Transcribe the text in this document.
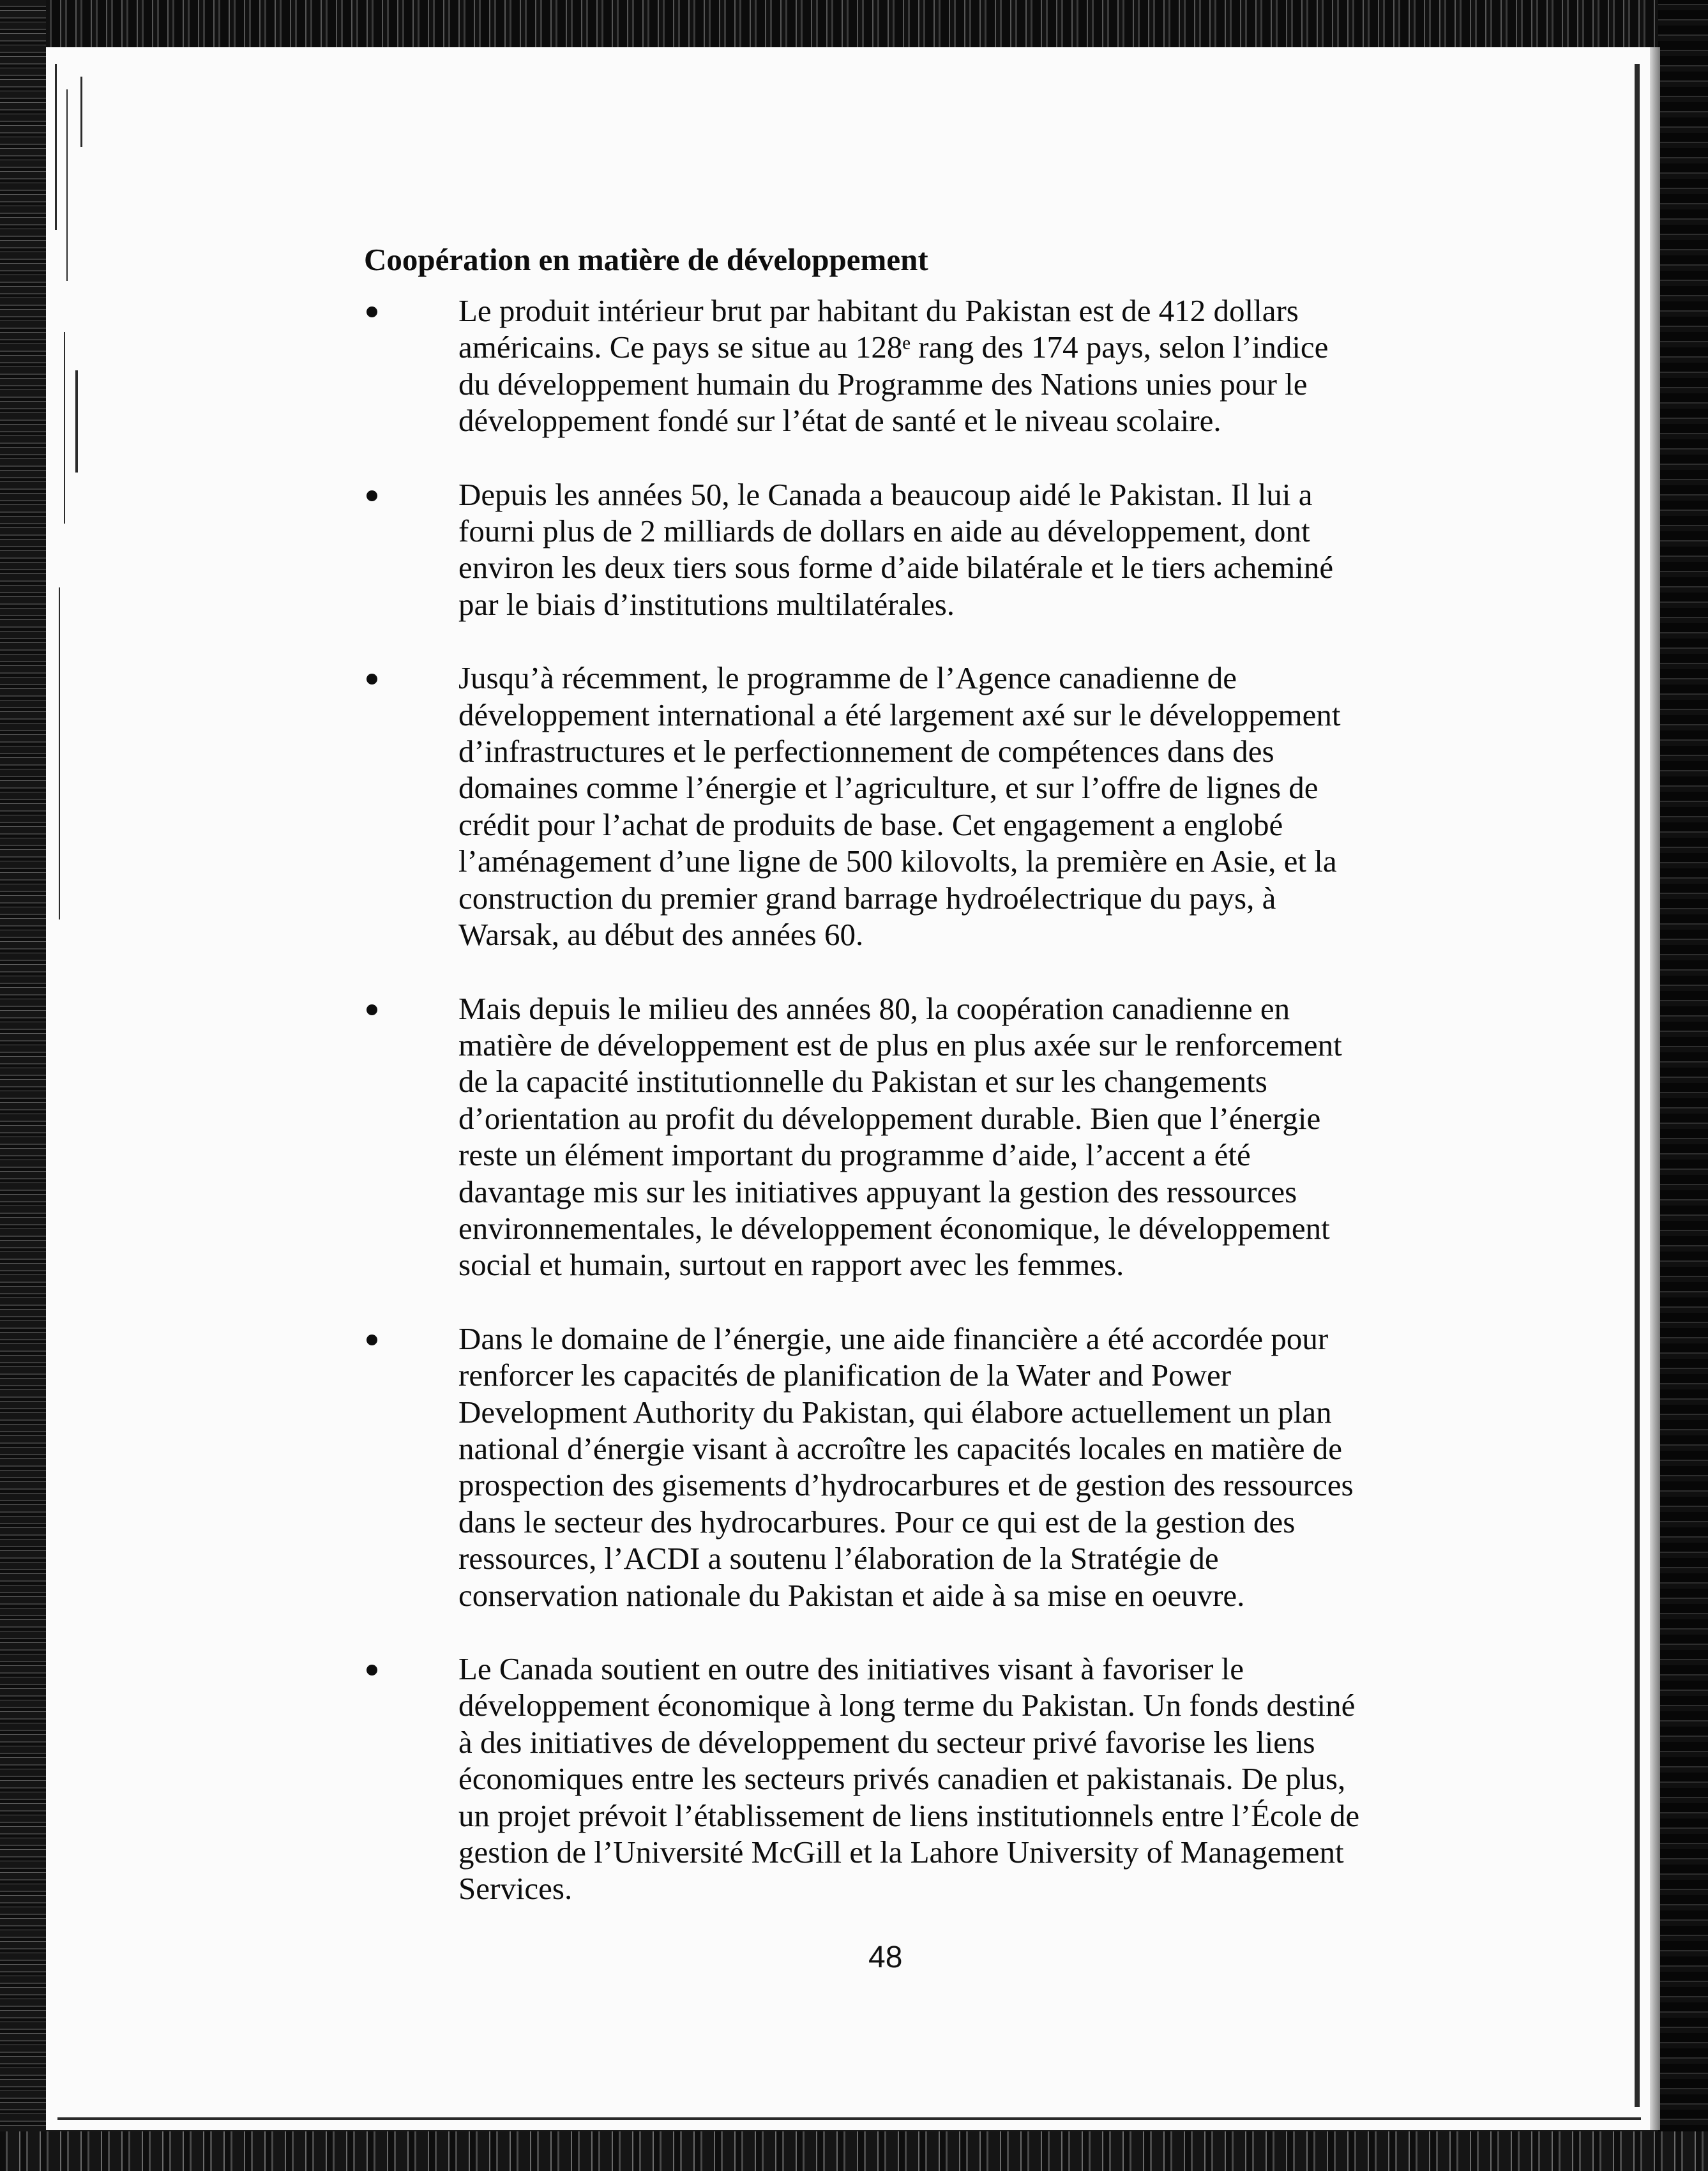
Coopération en matière de développement
Le produit intérieur brut par habitant du Pakistan est de 412 dollars
américains. Ce pays se situe au 128ᵉ rang des 174 pays, selon l’indice
du développement humain du Programme des Nations unies pour le
développement fondé sur l’état de santé et le niveau scolaire.
Depuis les années 50, le Canada a beaucoup aidé le Pakistan. Il lui a
fourni plus de 2 milliards de dollars en aide au développement, dont
environ les deux tiers sous forme d’aide bilatérale et le tiers acheminé
par le biais d’institutions multilatérales.
Jusqu’à récemment, le programme de l’Agence canadienne de
développement international a été largement axé sur le développement
d’infrastructures et le perfectionnement de compétences dans des
domaines comme l’énergie et l’agriculture, et sur l’offre de lignes de
crédit pour l’achat de produits de base. Cet engagement a englobé
l’aménagement d’une ligne de 500 kilovolts, la première en Asie, et la
construction du premier grand barrage hydroélectrique du pays, à
Warsak, au début des années 60.
Mais depuis le milieu des années 80, la coopération canadienne en
matière de développement est de plus en plus axée sur le renforcement
de la capacité institutionnelle du Pakistan et sur les changements
d’orientation au profit du développement durable. Bien que l’énergie
reste un élément important du programme d’aide, l’accent a été
davantage mis sur les initiatives appuyant la gestion des ressources
environnementales, le développement économique, le développement
social et humain, surtout en rapport avec les femmes.
Dans le domaine de l’énergie, une aide financière a été accordée pour
renforcer les capacités de planification de la Water and Power
Development Authority du Pakistan, qui élabore actuellement un plan
national d’énergie visant à accroître les capacités locales en matière de
prospection des gisements d’hydrocarbures et de gestion des ressources
dans le secteur des hydrocarbures. Pour ce qui est de la gestion des
ressources, l’ACDI a soutenu l’élaboration de la Stratégie de
conservation nationale du Pakistan et aide à sa mise en oeuvre.
Le Canada soutient en outre des initiatives visant à favoriser le
développement économique à long terme du Pakistan. Un fonds destiné
à des initiatives de développement du secteur privé favorise les liens
économiques entre les secteurs privés canadien et pakistanais. De plus,
un projet prévoit l’établissement de liens institutionnels entre l’École de
gestion de l’Université McGill et la Lahore University of Management
Services.
48
